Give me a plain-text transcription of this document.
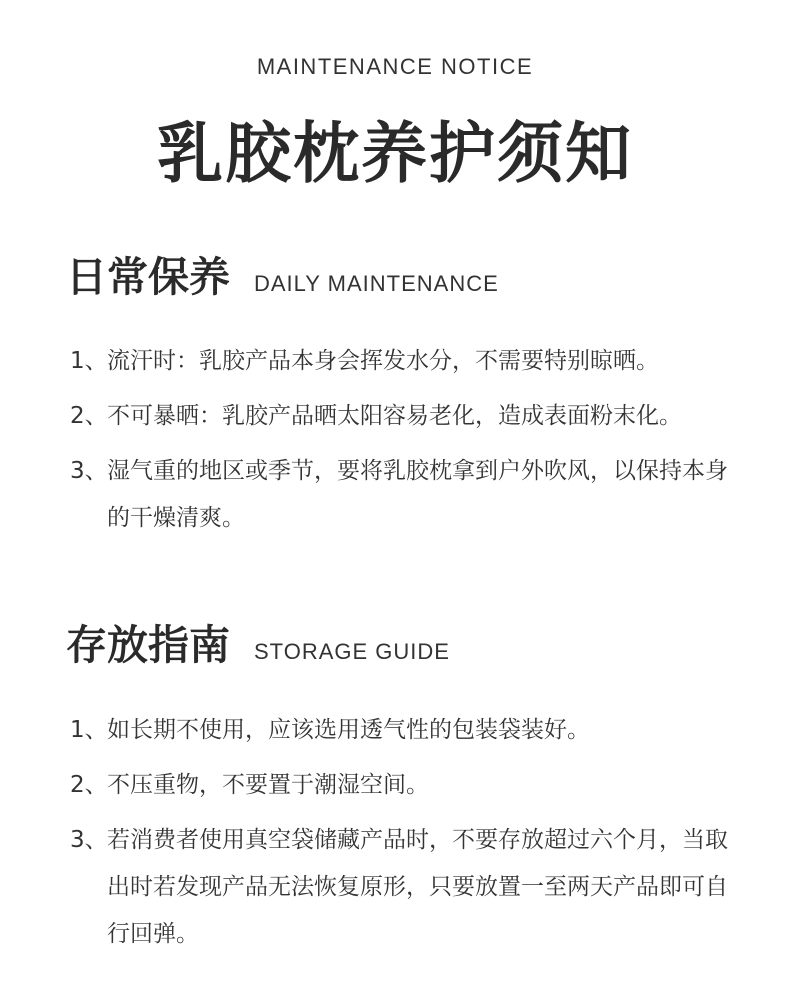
MAINTENANCE NOTICE
乳胶枕养护须知
日常保养 DAILY MAINTENANCE
1、 流汗时：乳胶产品本身会挥发水分，不需要特别晾晒。
2、 不可暴晒：乳胶产品晒太阳容易老化，造成表面粉末化。
3、 湿气重的地区或季节，要将乳胶枕拿到户外吹风，以保持本身的干燥清爽。
存放指南 STORAGE GUIDE
1、 如长期不使用，应该选用透气性的包装袋装好。
2、 不压重物，不要置于潮湿空间。
3、 若消费者使用真空袋储藏产品时，不要存放超过六个月，当取出时若发现产品无法恢复原形，只要放置一至两天产品即可自行回弹。
